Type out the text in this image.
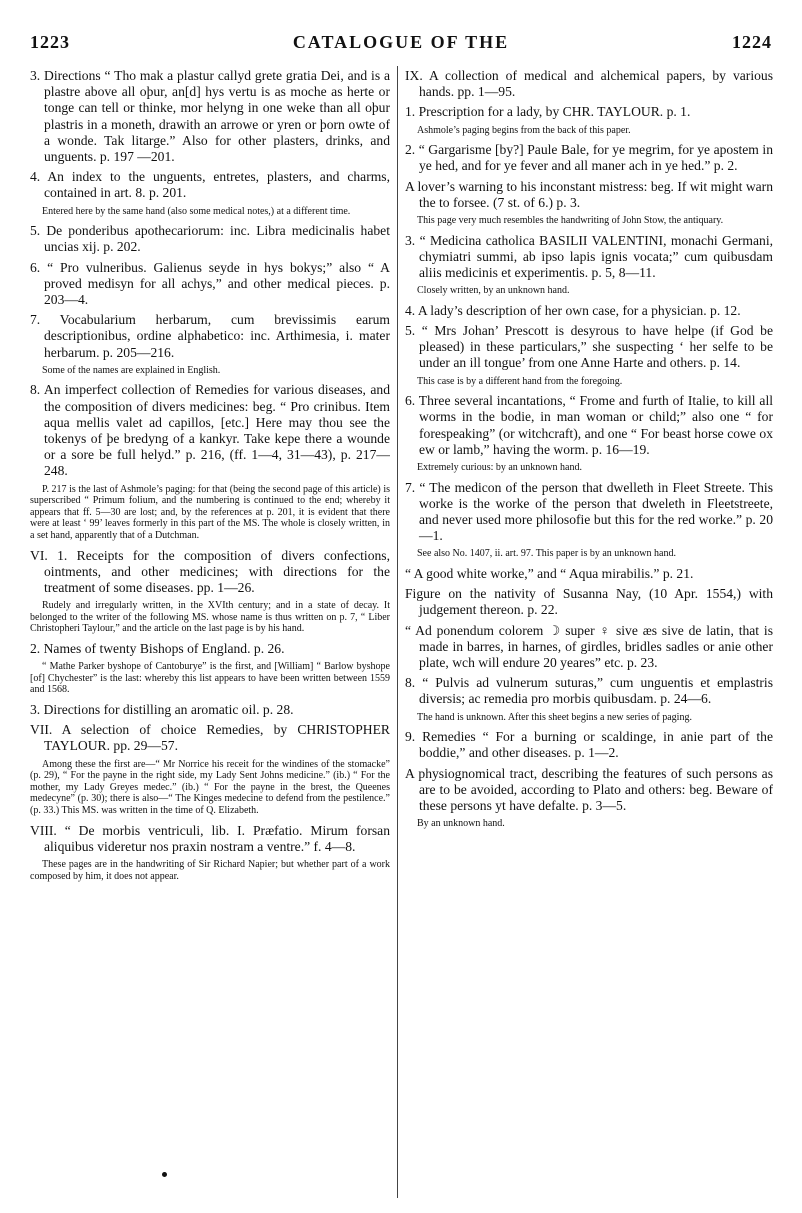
1223	CATALOGUE OF THE	1224

3. Directions “ Tho mak a plastur callyd grete gratia Dei, and is a plastre above all oþur, an[d] hys vertu is as moche as herte or tonge can tell or thinke, mor helyng in one weke than all oþur plastris in a moneth, drawith an arrowe or yren or þorn owte of a wonde. Tak litarge.” Also for other plasters, drinks, and unguents. p. 197 —201.

4. An index to the unguents, entretes, plasters, and charms, contained in art. 8. p. 201.

Entered here by the same hand (also some medical notes,) at a different time.

5. De ponderibus apothecariorum: inc. Libra medicinalis habet uncias xij. p. 202.

6. “ Pro vulneribus. Galienus seyde in hys bokys;” also “ A proved medisyn for all achys,” and other medical pieces. p. 203—4.

7. Vocabularium herbarum, cum brevissimis earum descriptionibus, ordine alphabetico: inc. Arthimesia, i. mater herbarum. p. 205—216.

Some of the names are explained in English.

8. An imperfect collection of Remedies for various diseases, and the composition of divers medicines: beg. “ Pro crinibus. Item aqua mellis valet ad capillos, [etc.] Here may thou see the tokenys of þe bredyng of a kankyr. Take kepe there a wounde or a sore be full helyd.” p. 216, (ff. 1—4, 31—43), p. 217—248.

P. 217 is the last of Ashmole’s paging: for that (being the second page of this article) is superscribed “ Primum folium, and the numbering is continued to the end; whereby it appears that ff. 5—30 are lost; and, by the references at p. 201, it is evident that there were at least ‘ 99’ leaves formerly in this part of the MS. The whole is closely written, in a set hand, apparently that of a Dutchman.

VI. 1. Receipts for the composition of divers confections, ointments, and other medicines; with directions for the treatment of some diseases. pp. 1—26.

Rudely and irregularly written, in the XVIth century; and in a state of decay. It belonged to the writer of the following MS. whose name is thus written on p. 7, “ Liber Christopheri Taylour,” and the article on the last page is by his hand.

2. Names of twenty Bishops of England. p. 26.

“ Mathe Parker byshope of Cantoburye” is the first, and [William] “ Barlow byshope [of] Chychester” is the last: whereby this list appears to have been written between 1559 and 1568.

3. Directions for distilling an aromatic oil. p. 28.

VII. A selection of choice Remedies, by CHRISTOPHER TAYLOUR. pp. 29—57.

Among these the first are—“ Mr Norrice his receit for the windines of the stomacke” (p. 29), “ For the payne in the right side, my Lady Sent Johns medicine.” (ib.) “ For the mother, my Lady Greyes medec.” (ib.) “ For the payne in the brest, the Queenes medecyne” (p. 30); there is also—“ The Kinges medecine to defend from the pestilence.” (p. 33.) This MS. was written in the time of Q. Elizabeth.

VIII. “ De morbis ventriculi, lib. I. Præfatio. Mirum forsan aliquibus videretur nos praxin nostram a ventre.” f. 4—8.

These pages are in the handwriting of Sir Richard Napier; but whether part of a work composed by him, it does not appear.

IX. A collection of medical and alchemical papers, by various hands. pp. 1—95.

1. Prescription for a lady, by CHR. TAYLOUR. p. 1.

Ashmole’s paging begins from the back of this paper.

2. “ Gargarisme [by?] Paule Bale, for ye megrim, for ye apostem in ye hed, and for ye fever and all maner ach in ye hed.” p. 2.

A lover’s warning to his inconstant mistress: beg. If wit might warn the to forsee. (7 st. of 6.) p. 3.

This page very much resembles the handwriting of John Stow, the antiquary.

3. “ Medicina catholica BASILII VALENTINI, monachi Germani, chymiatri summi, ab ipso lapis ignis vocata;” cum quibusdam aliis medicinis et experimentis. p. 5, 8—11.

Closely written, by an unknown hand.

4. A lady’s description of her own case, for a physician. p. 12.

5. “ Mrs Johan’ Prescott is desyrous to have helpe (if God be pleased) in these particulars,” she suspecting ‘ her selfe to be under an ill tongue’ from one Anne Harte and others. p. 14.

This case is by a different hand from the foregoing.

6. Three several incantations, “ Frome and furth of Italie, to kill all worms in the bodie, in man woman or child;” also one “ for forespeaking” (or witchcraft), and one “ For beast horse cowe ox ew or lamb,” having the worm. p. 16—19.

Extremely curious: by an unknown hand.

7. “ The medicon of the person that dwelleth in Fleet Streete. This worke is the worke of the person that dweleth in Fleetstreete, and never used more philosofie but this for the red worke.” p. 20—1.

See also No. 1407, ii. art. 97. This paper is by an unknown hand.

“ A good white worke,” and “ Aqua mirabilis.” p. 21.

Figure on the nativity of Susanna Nay, (10 Apr. 1554,) with judgement thereon. p. 22.

“ Ad ponendum colorem ☽ super ♀ sive æs sive de latin, that is made in barres, in harnes, of girdles, bridles sadles or anie other plate, wch will endure 20 yeares” etc. p. 23.

8. “ Pulvis ad vulnerum suturas,” cum unguentis et emplastris diversis; ac remedia pro morbis quibusdam. p. 24—6.

The hand is unknown. After this sheet begins a new series of paging.

9. Remedies “ For a burning or scaldinge, in anie part of the boddie,” and other diseases. p. 1—2.

A physiognomical tract, describing the features of such persons as are to be avoided, according to Plato and others: beg. Beware of these persons yt have defalte. p. 3—5.

By an unknown hand.
